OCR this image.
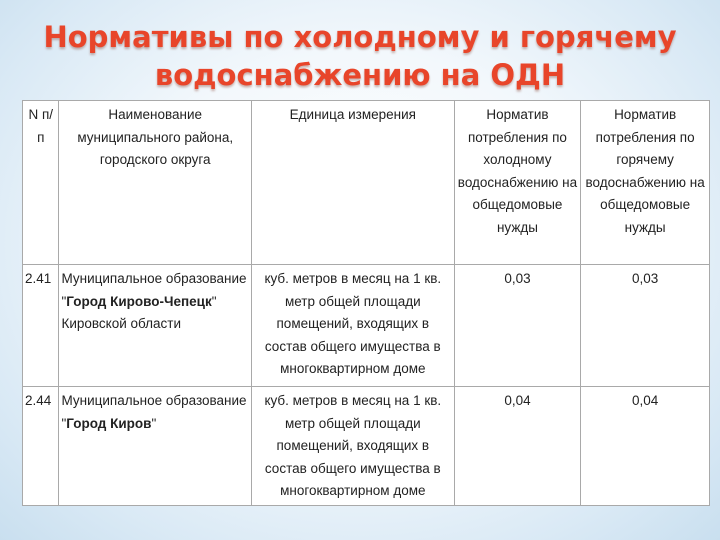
Нормативы по холодному и горячему
водоснабжению на ОДН
N п/п	Наименование муниципального района, городского округа	Единица измерения	Норматив потребления по холодному водоснабжению на общедомовые нужды	Норматив потребления по горячему водоснабжению на общедомовые нужды
2.41	Муниципальное образование "Город Кирово-Чепецк" Кировской области	куб. метров в месяц на 1 кв. метр общей площади помещений, входящих в состав общего имущества в многоквартирном доме	0,03	0,03
2.44	Муниципальное образование "Город Киров"	куб. метров в месяц на 1 кв. метр общей площади помещений, входящих в состав общего имущества в многоквартирном доме	0,04	0,04
